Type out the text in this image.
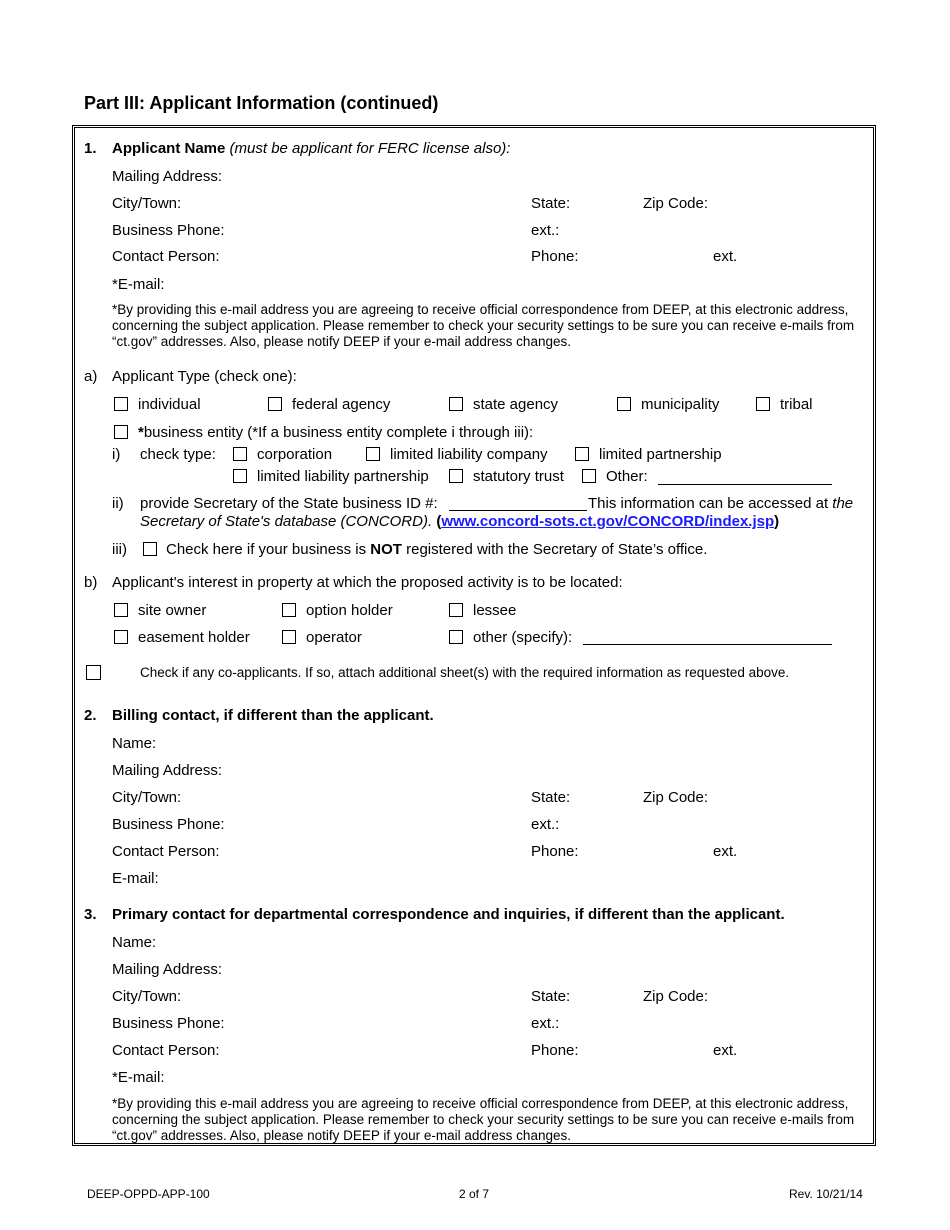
Part III: Applicant Information (continued)
1. Applicant Name (must be applicant for FERC license also):
Mailing Address:
City/Town:	State:	Zip Code:
Business Phone:	ext.:
Contact Person:	Phone:	ext.
*E-mail:
*By providing this e-mail address you are agreeing to receive official correspondence from DEEP, at this electronic address, concerning the subject application. Please remember to check your security settings to be sure you can receive e-mails from “ct.gov” addresses. Also, please notify DEEP if your e-mail address changes.
a) Applicant Type (check one):
individual	federal agency	state agency	municipality	tribal
*business entity (*If a business entity complete i through iii):
i) check type:	corporation	limited liability company	limited partnership
limited liability partnership	statutory trust	Other:
ii) provide Secretary of the State business ID #:	This information can be accessed at the
Secretary of State's database (CONCORD). (www.concord-sots.ct.gov/CONCORD/index.jsp)
iii)	Check here if your business is NOT registered with the Secretary of State’s office.
b) Applicant's interest in property at which the proposed activity is to be located:
site owner	option holder	lessee
easement holder	operator	other (specify):
Check if any co-applicants. If so, attach additional sheet(s) with the required information as requested above.
2. Billing contact, if different than the applicant.
Name:
Mailing Address:
City/Town:	State:	Zip Code:
Business Phone:	ext.:
Contact Person:	Phone:	ext.
E-mail:
3. Primary contact for departmental correspondence and inquiries, if different than the applicant.
Name:
Mailing Address:
City/Town:	State:	Zip Code:
Business Phone:	ext.:
Contact Person:	Phone:	ext.
*E-mail:
*By providing this e-mail address you are agreeing to receive official correspondence from DEEP, at this electronic address, concerning the subject application. Please remember to check your security settings to be sure you can receive e-mails from “ct.gov” addresses. Also, please notify DEEP if your e-mail address changes.
DEEP-OPPD-APP-100	2 of 7	Rev. 10/21/14
